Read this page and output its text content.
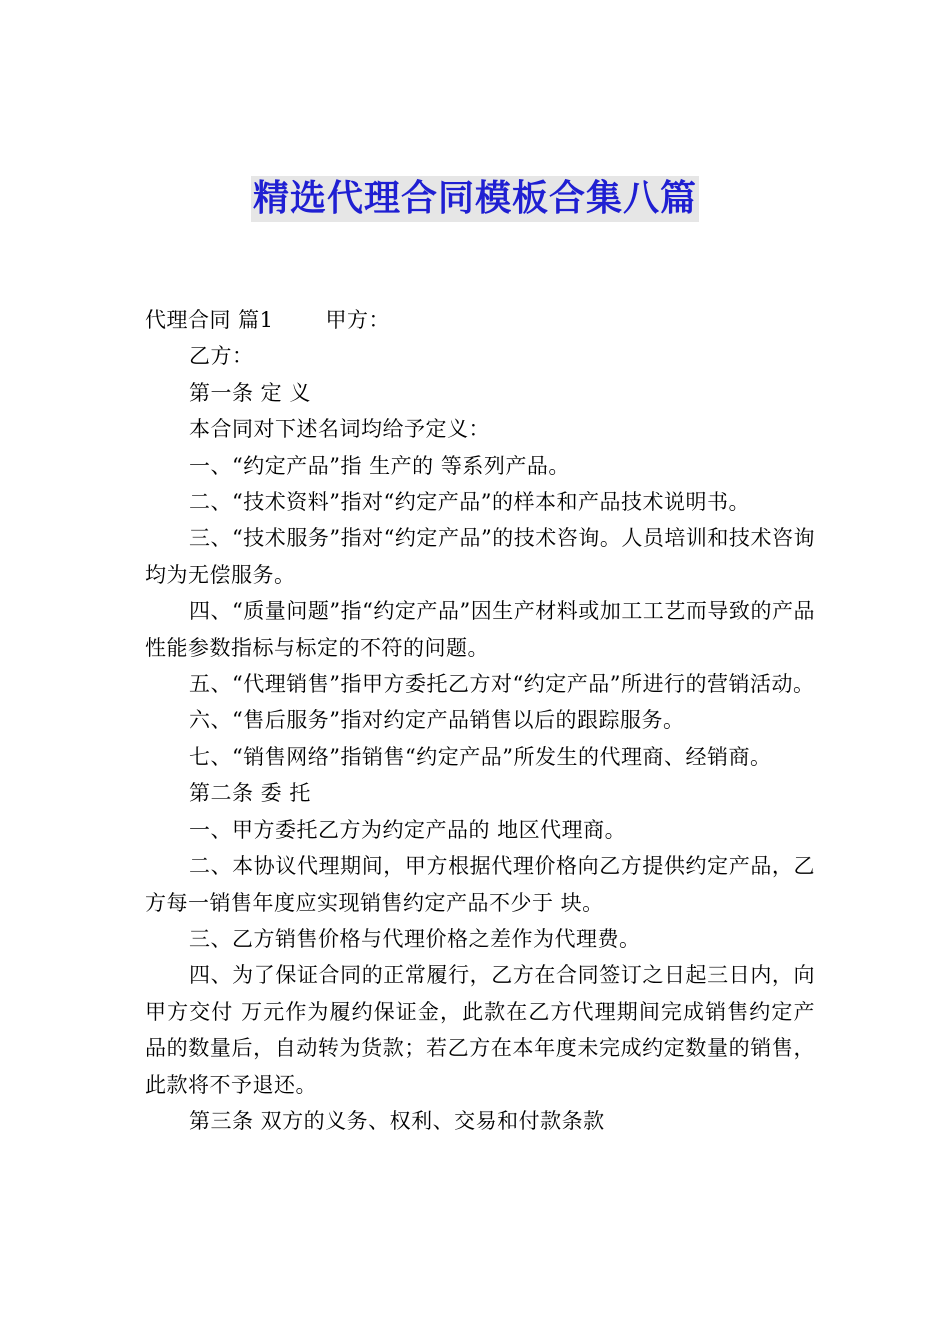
精选代理合同模板合集八篇

代理合同 篇1 甲方：

乙方：

第一条 定 义

本合同对下述名词均给予定义：

一、“约定产品”指 生产的 等系列产品。

二、“技术资料”指对“约定产品”的样本和产品技术说明书。

三、“技术服务”指对“约定产品”的技术咨询。人员培训和技术咨询均为无偿服务。

四、“质量问题”指“约定产品”因生产材料或加工工艺而导致的产品性能参数指标与标定的不符的问题。

五、“代理销售”指甲方委托乙方对“约定产品”所进行的营销活动。

六、“售后服务”指对约定产品销售以后的跟踪服务。

七、“销售网络”指销售“约定产品”所发生的代理商、经销商。

第二条 委 托

一、甲方委托乙方为约定产品的 地区代理商。

二、本协议代理期间，甲方根据代理价格向乙方提供约定产品，乙方每一销售年度应实现销售约定产品不少于 块。

三、乙方销售价格与代理价格之差作为代理费。

四、为了保证合同的正常履行，乙方在合同签订之日起三日内，向甲方交付 万元作为履约保证金，此款在乙方代理期间完成销售约定产品的数量后，自动转为货款；若乙方在本年度未完成约定数量的销售，此款将不予退还。

第三条 双方的义务、权利、交易和付款条款
